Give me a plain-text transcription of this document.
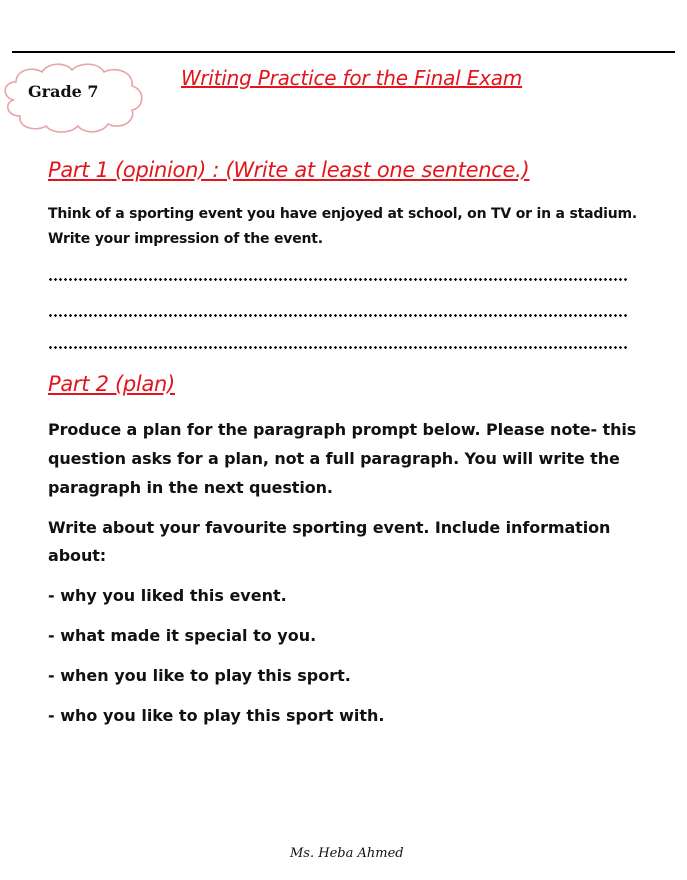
Grade 7
Writing Practice for the Final Exam
Part 1 (opinion) : (Write at least one sentence.)
Think of a sporting event you have enjoyed at school, on TV or in a stadium.
Write your impression of the event.
Part 2 (plan)
Produce a plan for the paragraph prompt below. Please note- this
question asks for a plan, not a full paragraph. You will write the
paragraph in the next question.
Write about your favourite sporting event. Include information
about:
- why you liked this event.
- what made it special to you.
- when you like to play this sport.
- who you like to play this sport with.
Ms. Heba Ahmed
